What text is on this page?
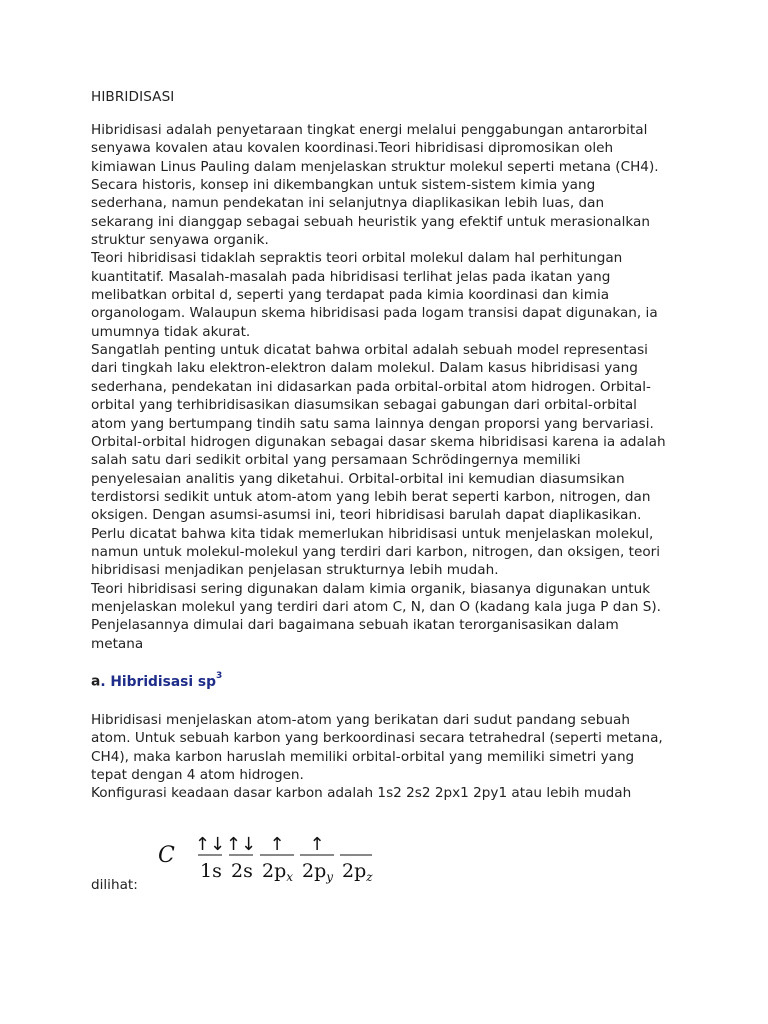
HIBRIDISASI
Hibridisasi adalah penyetaraan tingkat energi melalui penggabungan antarorbital
senyawa kovalen atau kovalen koordinasi.Teori hibridisasi dipromosikan oleh
kimiawan Linus Pauling dalam menjelaskan struktur molekul seperti metana (CH4).
Secara historis, konsep ini dikembangkan untuk sistem-sistem kimia yang
sederhana, namun pendekatan ini selanjutnya diaplikasikan lebih luas, dan
sekarang ini dianggap sebagai sebuah heuristik yang efektif untuk merasionalkan
struktur senyawa organik.
Teori hibridisasi tidaklah sepraktis teori orbital molekul dalam hal perhitungan
kuantitatif. Masalah-masalah pada hibridisasi terlihat jelas pada ikatan yang
melibatkan orbital d, seperti yang terdapat pada kimia koordinasi dan kimia
organologam. Walaupun skema hibridisasi pada logam transisi dapat digunakan, ia
umumnya tidak akurat.
Sangatlah penting untuk dicatat bahwa orbital adalah sebuah model representasi
dari tingkah laku elektron-elektron dalam molekul. Dalam kasus hibridisasi yang
sederhana, pendekatan ini didasarkan pada orbital-orbital atom hidrogen. Orbital-
orbital yang terhibridisasikan diasumsikan sebagai gabungan dari orbital-orbital
atom yang bertumpang tindih satu sama lainnya dengan proporsi yang bervariasi.
Orbital-orbital hidrogen digunakan sebagai dasar skema hibridisasi karena ia adalah
salah satu dari sedikit orbital yang persamaan Schrödingernya memiliki
penyelesaian analitis yang diketahui. Orbital-orbital ini kemudian diasumsikan
terdistorsi sedikit untuk atom-atom yang lebih berat seperti karbon, nitrogen, dan
oksigen. Dengan asumsi-asumsi ini, teori hibridisasi barulah dapat diaplikasikan.
Perlu dicatat bahwa kita tidak memerlukan hibridisasi untuk menjelaskan molekul,
namun untuk molekul-molekul yang terdiri dari karbon, nitrogen, dan oksigen, teori
hibridisasi menjadikan penjelasan strukturnya lebih mudah.
Teori hibridisasi sering digunakan dalam kimia organik, biasanya digunakan untuk
menjelaskan molekul yang terdiri dari atom C, N, dan O (kadang kala juga P dan S).
Penjelasannya dimulai dari bagaimana sebuah ikatan terorganisasikan dalam
metana
a. Hibridisasi $sp^3$
Hibridisasi menjelaskan atom-atom yang berikatan dari sudut pandang sebuah
atom. Untuk sebuah karbon yang berkoordinasi secara tetrahedral (seperti metana,
CH4), maka karbon haruslah memiliki orbital-orbital yang memiliki simetri yang
tepat dengan 4 atom hidrogen.
Konfigurasi keadaan dasar karbon adalah 1s2 2s2 2px1 2py1 atau lebih mudah
C ↑↓
1s
↑↓
2s
↑
$2p_x$
↑
$2p_y$ $2p_z$
dilihat:
